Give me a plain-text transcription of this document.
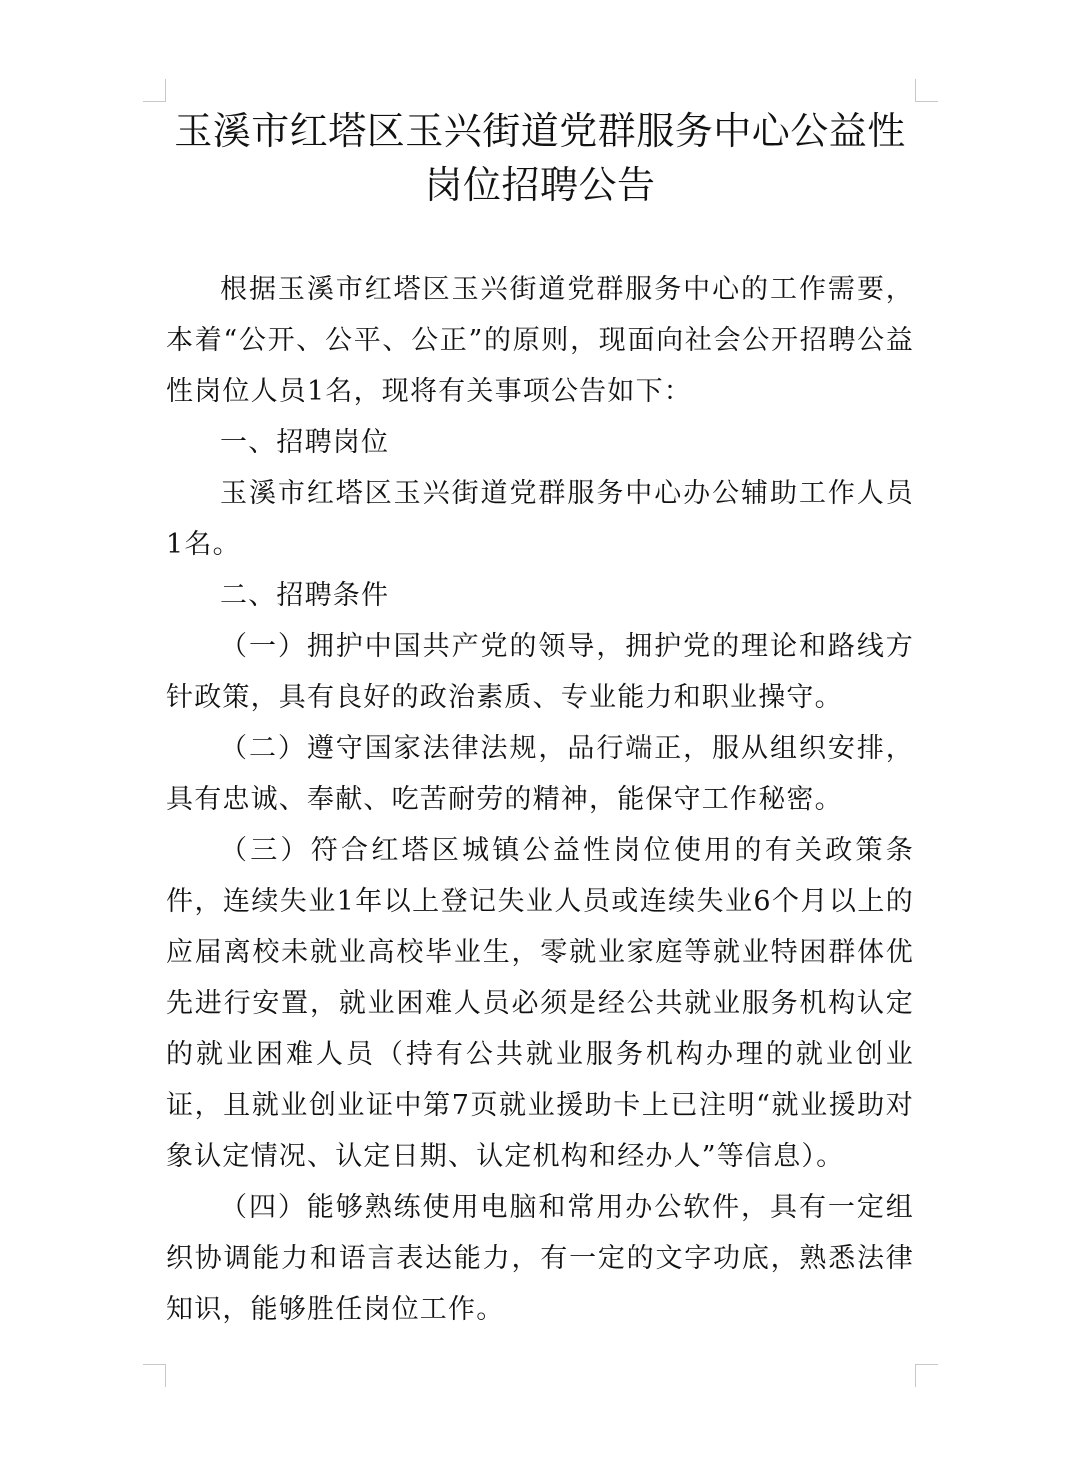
玉溪市红塔区玉兴街道党群服务中心公益性
岗位招聘公告

根据玉溪市红塔区玉兴街道党群服务中心的工作需要，本着“公开、公平、公正”的原则，现面向社会公开招聘公益性岗位人员1名，现将有关事项公告如下：

一、招聘岗位

玉溪市红塔区玉兴街道党群服务中心办公辅助工作人员1名。

二、招聘条件

（一）拥护中国共产党的领导，拥护党的理论和路线方针政策，具有良好的政治素质、专业能力和职业操守。

（二）遵守国家法律法规，品行端正，服从组织安排，具有忠诚、奉献、吃苦耐劳的精神，能保守工作秘密。

（三）符合红塔区城镇公益性岗位使用的有关政策条件，连续失业1年以上登记失业人员或连续失业6个月以上的应届离校未就业高校毕业生，零就业家庭等就业特困群体优先进行安置，就业困难人员必须是经公共就业服务机构认定的就业困难人员（持有公共就业服务机构办理的就业创业证，且就业创业证中第7页就业援助卡上已注明“就业援助对象认定情况、认定日期、认定机构和经办人”等信息）。

（四）能够熟练使用电脑和常用办公软件，具有一定组织协调能力和语言表达能力，有一定的文字功底，熟悉法律知识，能够胜任岗位工作。
